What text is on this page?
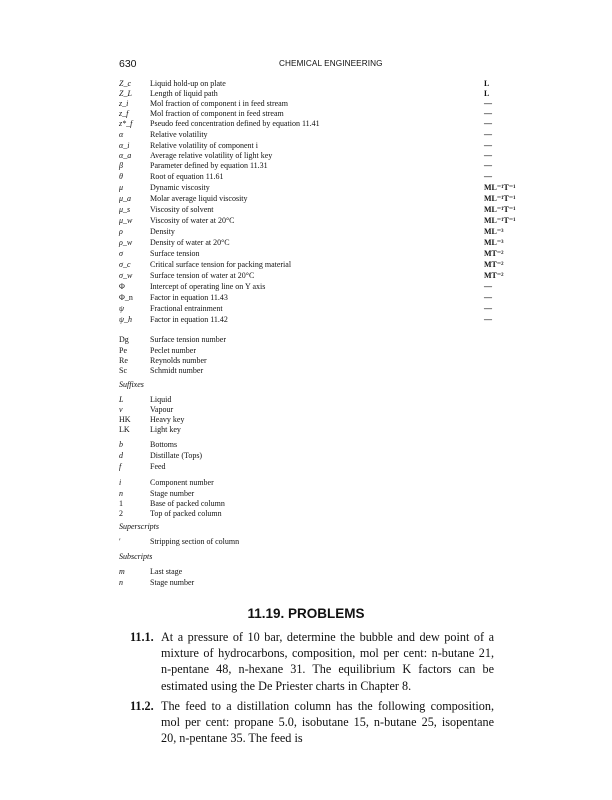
630	CHEMICAL ENGINEERING
Z_c Liquid hold-up on plate	L
Z_L Length of liquid path	L
z_i	Mol fraction of component i in feed stream	—
z_f	Mol fraction of component in feed stream	—
z*_f Pseudo feed concentration defined by equation 11.41	—
α	Relative volatility	—
α_i	Relative volatility of component i	—
α_a Average relative volatility of light key	—
β	Parameter defined by equation 11.31	—
θ	Root of equation 11.61	—
μ	Dynamic viscosity	ML⁻¹T⁻¹
μ_a Molar average liquid viscosity	ML⁻¹T⁻¹
μ_s Viscosity of solvent	ML⁻¹T⁻¹
μ_w Viscosity of water at 20°C	ML⁻¹T⁻¹
ρ	Density	ML⁻³
ρ_w Density of water at 20°C	ML⁻³
σ	Surface tension	MT⁻²
σ_c Critical surface tension for packing material	MT⁻²
σ_w Surface tension of water at 20°C	MT⁻²
Φ	Intercept of operating line on Y axis	—
Φ_n Factor in equation 11.43	—
ψ	Fractional entrainment	—
ψ_h Factor in equation 11.42	—
Dg	Surface tension number
Pe	Peclet number
Re	Reynolds number
Sc	Schmidt number
Suffixes
L	Liquid
v	Vapour
HK Heavy key
LK	Light key
b	Bottoms
d	Distillate (Tops)
f	Feed
i	Component number
n	Stage number
1	Base of packed column
2	Top of packed column
Superscripts
′	Stripping section of column
Subscripts
m	Last stage
n	Stage number
11.19. PROBLEMS
11.1. At a pressure of 10 bar, determine the bubble and dew point of a mixture of hydrocarbons, composition, mol per cent: n-butane 21, n-pentane 48, n-hexane 31. The equilibrium K factors can be estimated using the De Priester charts in Chapter 8.
11.2. The feed to a distillation column has the following composition, mol per cent: propane 5.0, isobutane 15, n-butane 25, isopentane 20, n-pentane 35. The feed is
